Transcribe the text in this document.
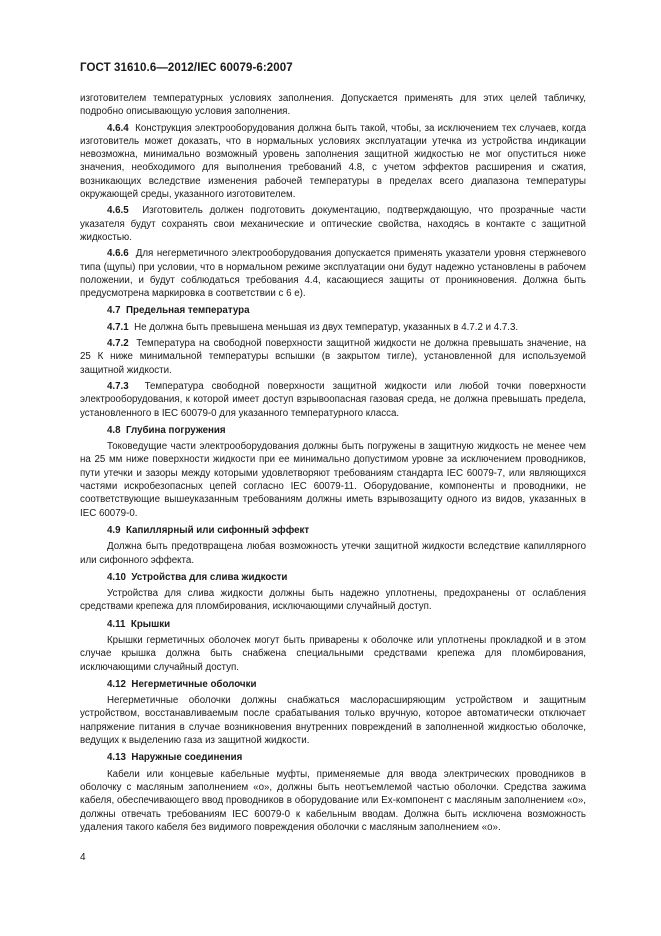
ГОСТ 31610.6—2012/IEC 60079-6:2007

изготовителем температурных условиях заполнения. Допускается применять для этих целей табличку, подробно описывающую условия заполнения.

4.6.4 Конструкция электрооборудования должна быть такой, чтобы, за исключением тех случаев, когда изготовитель может доказать, что в нормальных условиях эксплуатации утечка из устройства индикации невозможна, минимально возможный уровень заполнения защитной жидкостью не мог опуститься ниже значения, необходимого для выполнения требований 4.8, с учетом эффектов расширения и сжатия, возникающих вследствие изменения рабочей температуры в пределах всего диапазона температуры окружающей среды, указанного изготовителем.

4.6.5 Изготовитель должен подготовить документацию, подтверждающую, что прозрачные части указателя будут сохранять свои механические и оптические свойства, находясь в контакте с защитной жидкостью.

4.6.6 Для негерметичного электрооборудования допускается применять указатели уровня стержневого типа (щупы) при условии, что в нормальном режиме эксплуатации они будут надежно установлены в рабочем положении, и будут соблюдаться требования 4.4, касающиеся защиты от проникновения. Должна быть предусмотрена маркировка в соответствии с 6 е).

4.7 Предельная температура

4.7.1 Не должна быть превышена меньшая из двух температур, указанных в 4.7.2 и 4.7.3.

4.7.2 Температура на свободной поверхности защитной жидкости не должна превышать значение, на 25 К ниже минимальной температуры вспышки (в закрытом тигле), установленной для используемой защитной жидкости.

4.7.3 Температура свободной поверхности защитной жидкости или любой точки поверхности электрооборудования, к которой имеет доступ взрывоопасная газовая среда, не должна превышать предела, установленного в IEC 60079-0 для указанного температурного класса.

4.8 Глубина погружения

Токоведущие части электрооборудования должны быть погружены в защитную жидкость не менее чем на 25 мм ниже поверхности жидкости при ее минимально допустимом уровне за исключением проводников, пути утечки и зазоры между которыми удовлетворяют требованиям стандарта IEC 60079-7, или являющихся частями искробезопасных цепей согласно IEC 60079-11. Оборудование, компоненты и проводники, не соответствующие вышеуказанным требованиям должны иметь взрывозащиту одного из видов, указанных в IEC 60079-0.

4.9 Капиллярный или сифонный эффект

Должна быть предотвращена любая возможность утечки защитной жидкости вследствие капиллярного или сифонного эффекта.

4.10 Устройства для слива жидкости

Устройства для слива жидкости должны быть надежно уплотнены, предохранены от ослабления средствами крепежа для пломбирования, исключающими случайный доступ.

4.11 Крышки

Крышки герметичных оболочек могут быть приварены к оболочке или уплотнены прокладкой и в этом случае крышка должна быть снабжена специальными средствами крепежа для пломбирования, исключающими случайный доступ.

4.12 Негерметичные оболочки

Негерметичные оболочки должны снабжаться маслорасширяющим устройством и защитным устройством, восстанавливаемым после срабатывания только вручную, которое автоматически отключает напряжение питания в случае возникновения внутренних повреждений в заполненной жидкостью оболочке, ведущих к выделению газа из защитной жидкости.

4.13 Наружные соединения

Кабели или концевые кабельные муфты, применяемые для ввода электрических проводников в оболочку с масляным заполнением «о», должны быть неотъемлемой частью оболочки. Средства зажима кабеля, обеспечивающего ввод проводников в оборудование или Ex-компонент с масляным заполнением «о», должны отвечать требованиям IEC 60079-0 к кабельным вводам. Должна быть исключена возможность удаления такого кабеля без видимого повреждения оболочки с масляным заполнением «о».

4
